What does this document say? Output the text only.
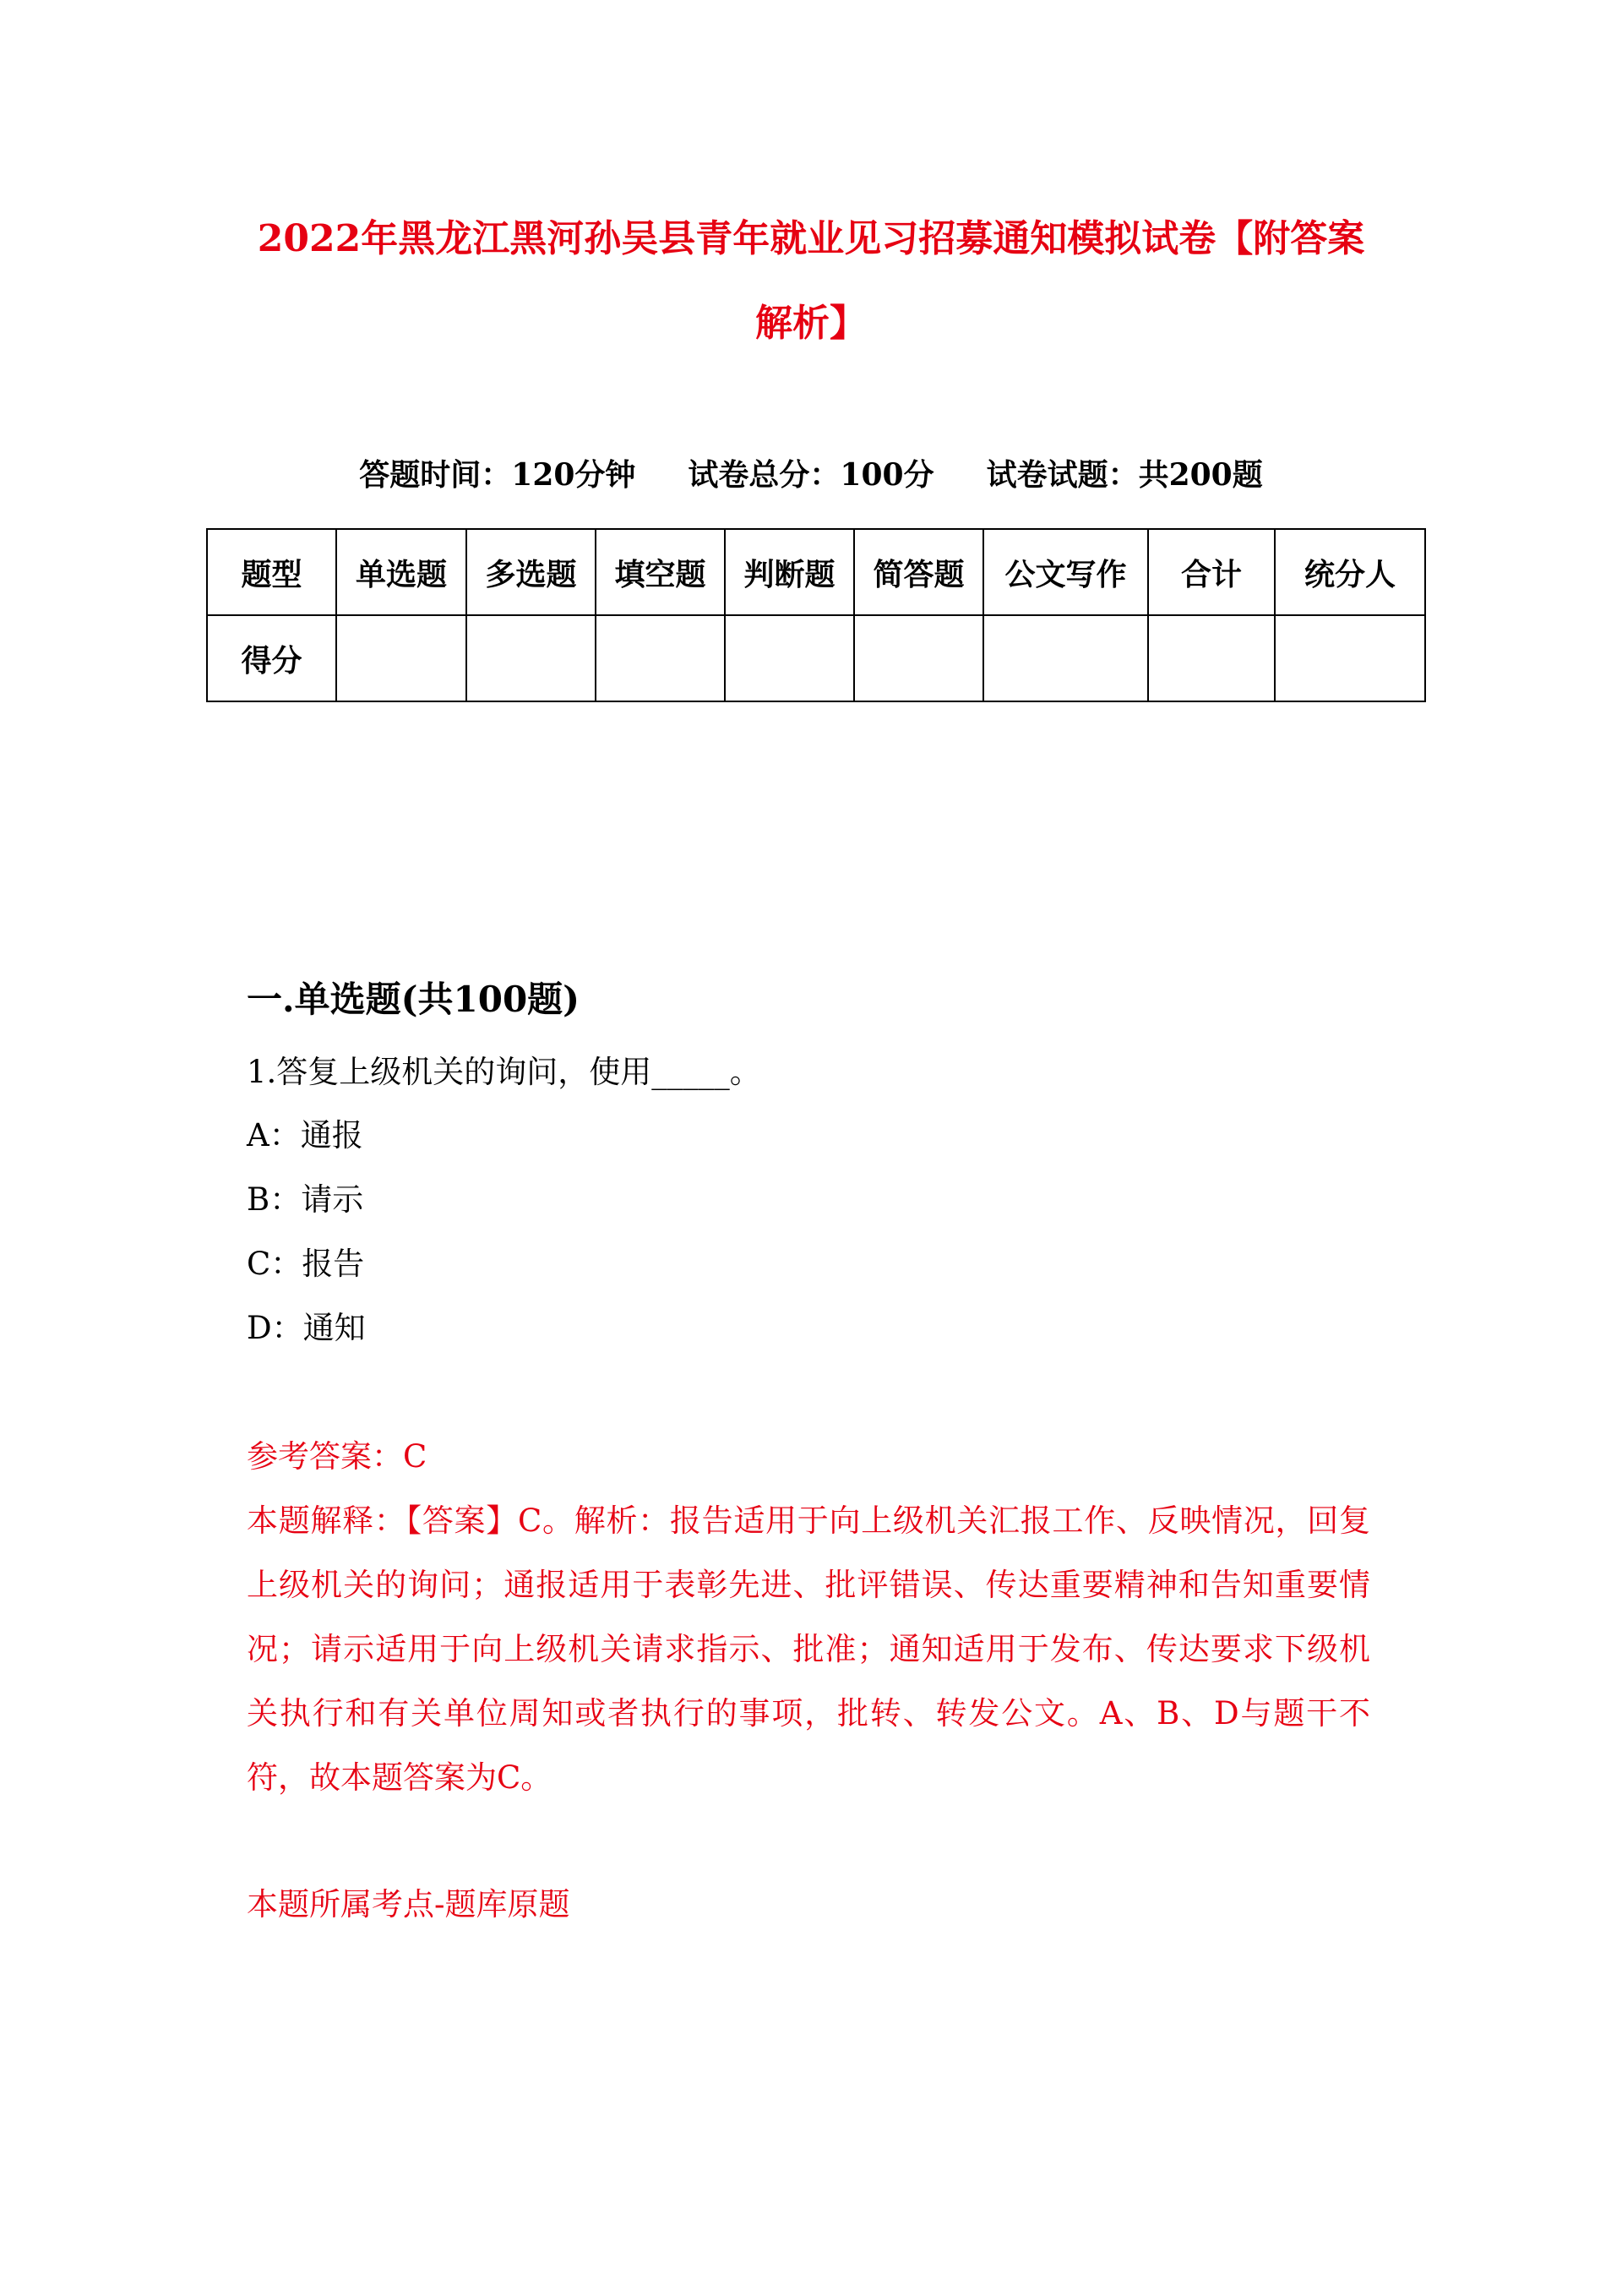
2022年黑龙江黑河孙吴县青年就业见习招募通知模拟试卷【附答案
解析】
答题时间：120分钟 试卷总分：100分 试卷试题：共200题
题型	单选题	多选题	填空题	判断题	简答题	公文写作	合计	统分人
得分								
一.单选题(共100题)
1.答复上级机关的询问，使用_____。
A：通报
B：请示
C：报告
D：通知
参考答案：C
本题解释：【答案】C。解析：报告适用于向上级机关汇报工作、反映情况，回复上级机关的询问；通报适用于表彰先进、批评错误、传达重要精神和告知重要情况；请示适用于向上级机关请求指示、批准；通知适用于发布、传达要求下级机关执行和有关单位周知或者执行的事项，批转、转发公文。A、B、D与题干不符，故本题答案为C。
本题所属考点-题库原题
